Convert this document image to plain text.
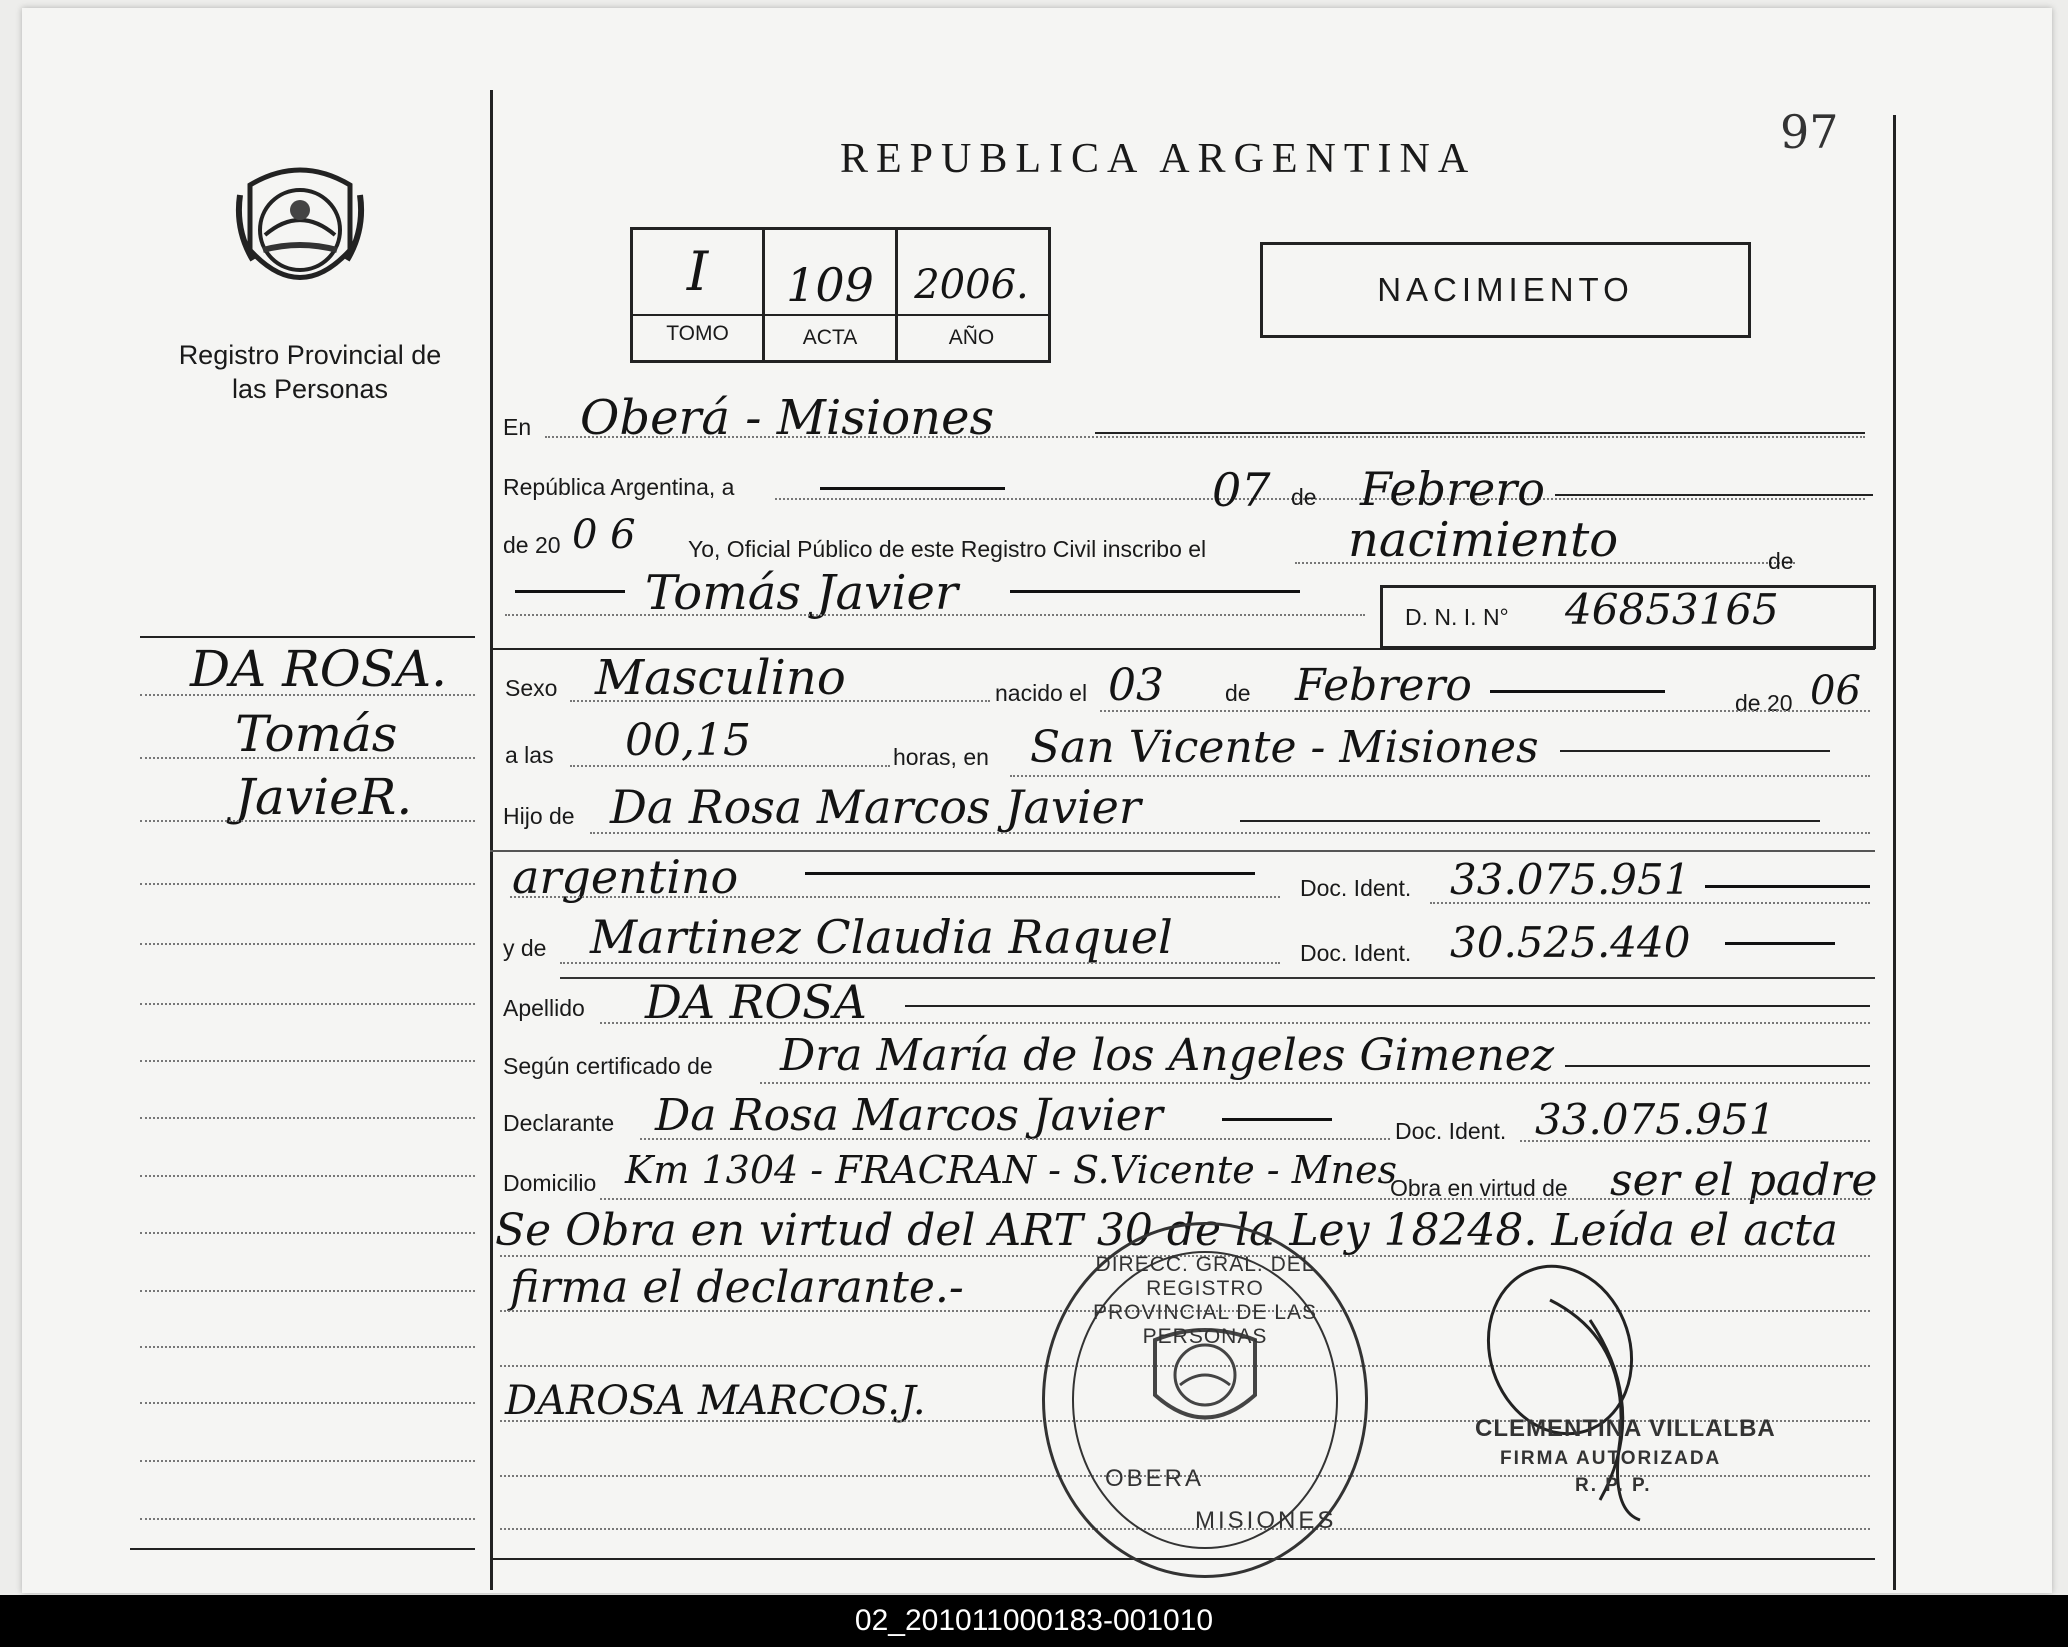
97
Registro Provincial de las Personas
REPUBLICA ARGENTINA
I	109	2006.
TOMO	ACTA	AÑO
NACIMIENTO
DA ROSA.
Tomás
JavieR.
En Oberá - Misiones
República Argentina, a	07 de Febrero
de 20 0 6 Yo, Oficial Público de este Registro Civil inscribo el	nacimiento	de
Tomás Javier	D. N. I. N° 46853165
Sexo Masculino	nacido el 03	de Febrero	de 20 06
a las 00,15	horas, en San Vicente - Misiones
Hijo de Da Rosa Marcos Javier
argentino	Doc. Ident. 33.075.951
y de Martinez Claudia Raquel	Doc. Ident. 30.525.440
Apellido DA ROSA
Según certificado de Dra María de los Angeles Gimenez
Declarante Da Rosa Marcos Javier	Doc. Ident. 33.075.951
Domicilio Km 1304 - FRACRAN - S.Vicente - Mnes
Obra en virtud de ser el padre
Se Obra en virtud del ART 30 de la Ley 18248. Leída el acta
firma el declarante.-
DAROSA MARCOS.J.
DIRECC. GRAL. DEL REGISTRO PROVINCIAL DE LAS PERSONAS
OBERA
MISIONES
CLEMENTINA VILLALBA
FIRMA AUTORIZADA
R. P. P.
02_201011000183-001010
